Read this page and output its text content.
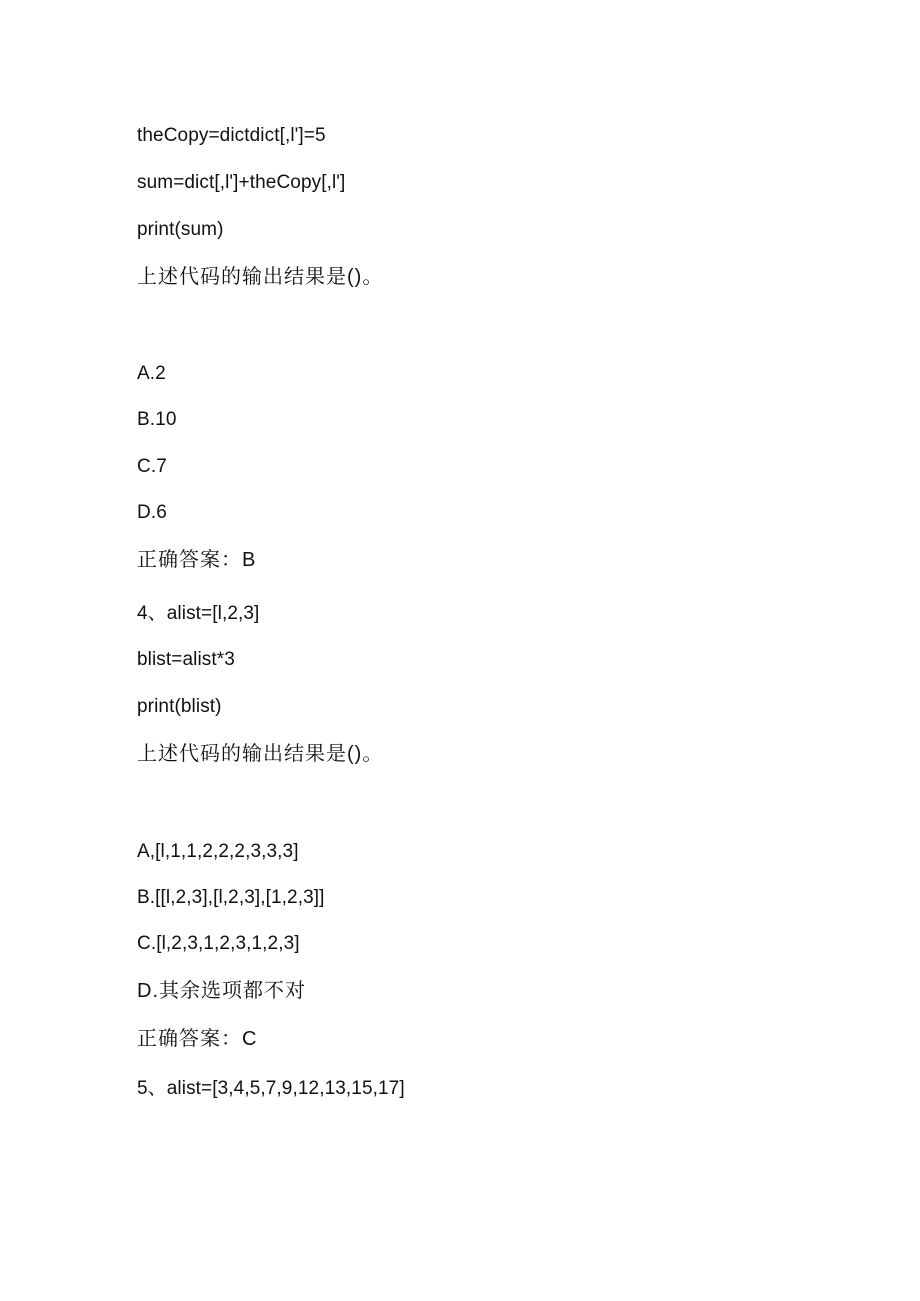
theCopy=dictdict[,l']=5
sum=dict[,l']+theCopy[,l']
print(sum)
上述代码的输出结果是()。
A.2
B.10
C.7
D.6
正确答案：B
4、alist=[l,2,3]
blist=alist*3
print(blist)
上述代码的输出结果是()。
A,[l,1,1,2,2,2,3,3,3]
B.[[l,2,3],[l,2,3],[1,2,3]]
C.[l,2,3,1,2,3,1,2,3]
D.其余选项都不对
正确答案：C
5、alist=[3,4,5,7,9,12,13,15,17]
